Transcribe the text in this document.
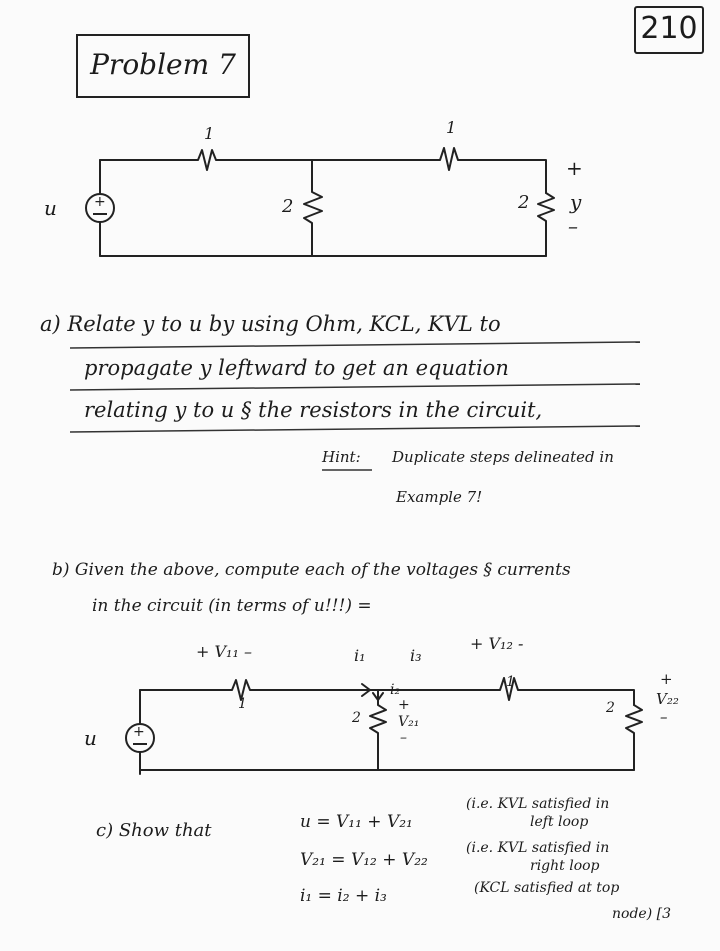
210
Problem 7
+
+
u
1	1
2	2
+
y
–
a) Relate y to u by using Ohm, KCL, KVL to
propagate y leftward to get an equation
relating y to u § the resistors in the circuit,
Hint: Duplicate steps delineated in
Example 7!
b) Given the above, compute each of the voltages § currents
in the circuit (in terms of u!!!) =
u
+ V₁₁ –
1
i₁	i₃
+ V₁₂ -
1
i₂
+
V₂₁
–
2
2
+
V₂₂
–
c) Show that	u = V₁₁ + V₂₁
V₂₁ = V₁₂ + V₂₂
i₁ = i₂ + i₃
(i.e. KVL satisfied in
left loop
(i.e. KVL satisfied in
right loop
(KCL satisfied at top
node) [3
